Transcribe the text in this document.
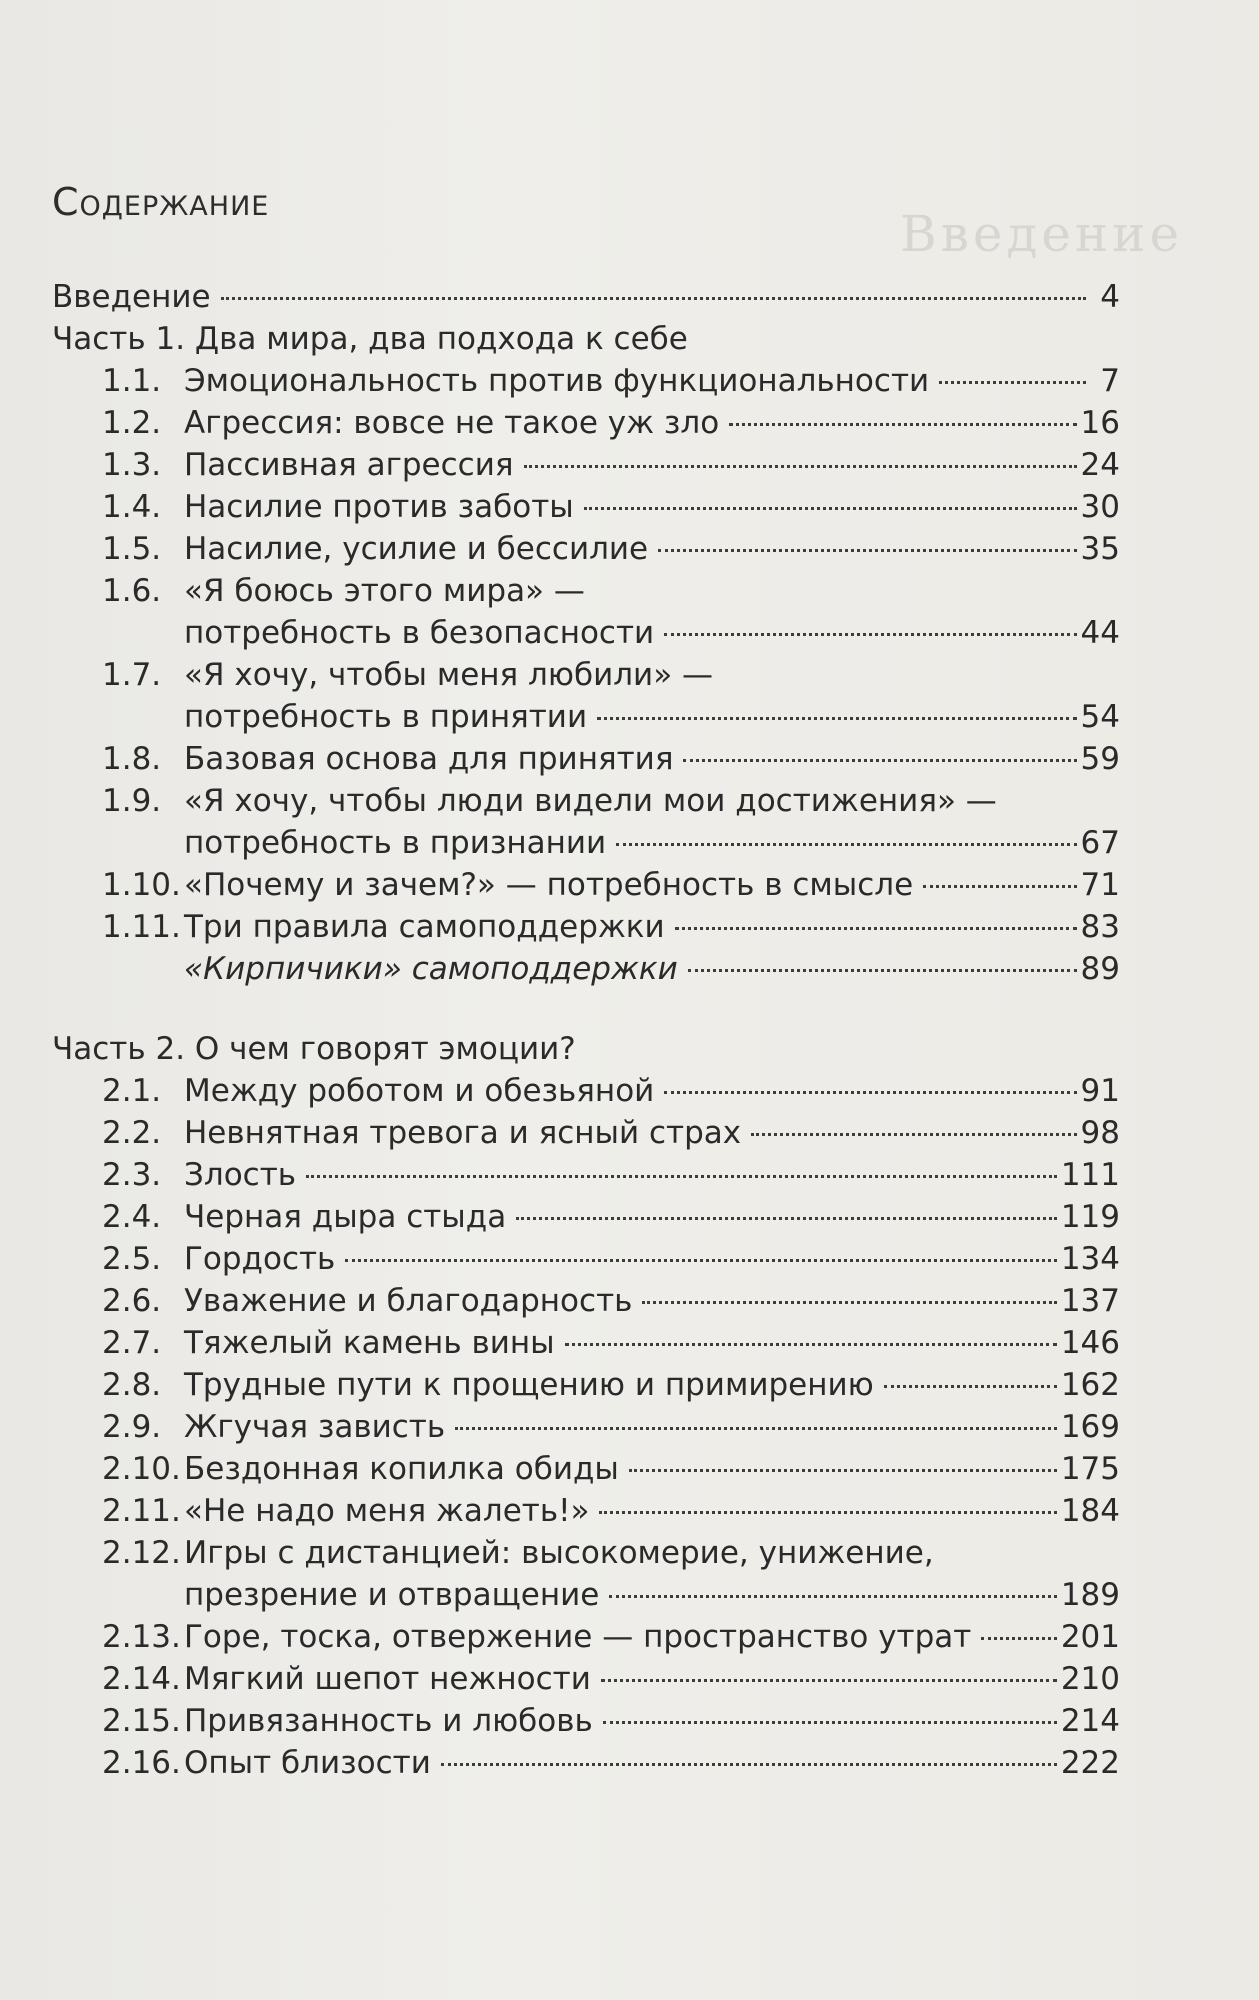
Введение
Содержание
Введение	4
Часть 1. Два мира, два подхода к себе
1.1. Эмоциональность против функциональности	7
1.2. Агрессия: вовсе не такое уж зло	16
1.3. Пассивная агрессия	24
1.4. Насилие против заботы	30
1.5. Насилие, усилие и бессилие	35
1.6. «Я боюсь этого мира» —
потребность в безопасности	44
1.7. «Я хочу, чтобы меня любили» —
потребность в принятии	54
1.8. Базовая основа для принятия	59
1.9. «Я хочу, чтобы люди видели мои достижения» —
потребность в признании	67
1.10. «Почему и зачем?» — потребность в смысле	71
1.11. Три правила самоподдержки	83
«Кирпичики» самоподдержки	89
Часть 2. О чем говорят эмоции?
2.1. Между роботом и обезьяной	91
2.2. Невнятная тревога и ясный страх	98
2.3. Злость	111
2.4. Черная дыра стыда	119
2.5. Гордость	134
2.6. Уважение и благодарность	137
2.7. Тяжелый камень вины	146
2.8. Трудные пути к прощению и примирению	162
2.9. Жгучая зависть	169
2.10. Бездонная копилка обиды	175
2.11. «Не надо меня жалеть!»	184
2.12. Игры с дистанцией: высокомерие, унижение,
презрение и отвращение	189
2.13. Горе, тоска, отвержение — пространство утрат	201
2.14. Мягкий шепот нежности	210
2.15. Привязанность и любовь	214
2.16. Опыт близости	222
